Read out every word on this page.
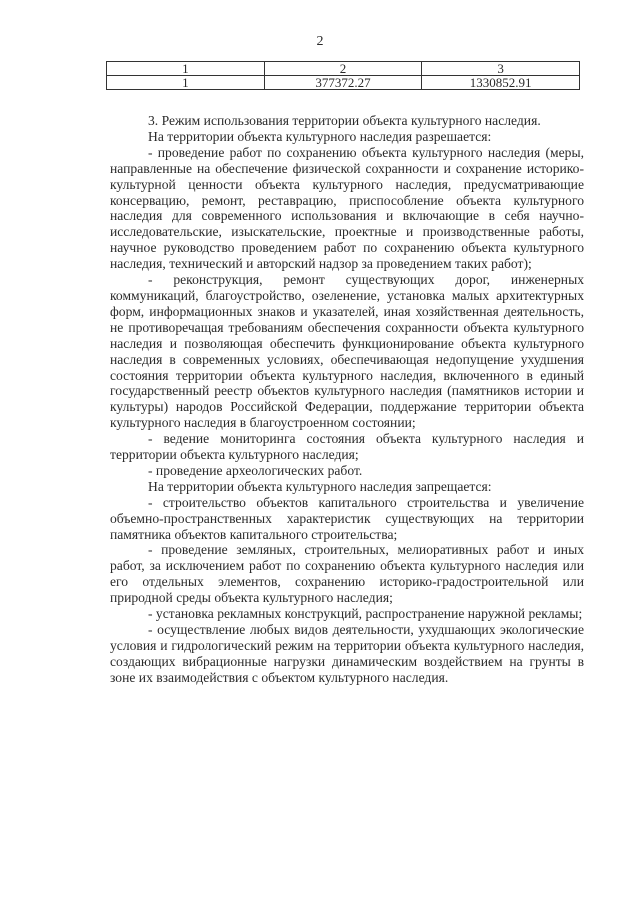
2
1	2	3
1	377372.27	1330852.91

3. Режим использования территории объекта культурного наследия.

На территории объекта культурного наследия разрешается:

- проведение работ по сохранению объекта культурного наследия (меры, направленные на обеспечение физической сохранности и сохранение историко-культурной ценности объекта культурного наследия, предусматривающие консервацию, ремонт, реставрацию, приспособление объекта культурного наследия для современного использования и включающие в себя научно-исследовательские, изыскательские, проектные и производственные работы, научное руководство проведением работ по сохранению объекта культурного наследия, технический и авторский надзор за проведением таких работ);

- реконструкция, ремонт существующих дорог, инженерных коммуникаций, благоустройство, озеленение, установка малых архитектурных форм, информационных знаков и указателей, иная хозяйственная деятельность, не противоречащая требованиям обеспечения сохранности объекта культурного наследия и позволяющая обеспечить функционирование объекта культурного наследия в современных условиях, обеспечивающая недопущение ухудшения состояния территории объекта культурного наследия, включенного в единый государственный реестр объектов культурного наследия (памятников истории и культуры) народов Российской Федерации, поддержание территории объекта культурного наследия в благоустроенном состоянии;

- ведение мониторинга состояния объекта культурного наследия и территории объекта культурного наследия;

- проведение археологических работ.

На территории объекта культурного наследия запрещается:

- строительство объектов капитального строительства и увеличение объемно-пространственных характеристик существующих на территории памятника объектов капитального строительства;

- проведение земляных, строительных, мелиоративных работ и иных работ, за исключением работ по сохранению объекта культурного наследия или его отдельных элементов, сохранению историко-градостроительной или природной среды объекта культурного наследия;

- установка рекламных конструкций, распространение наружной рекламы;

- осуществление любых видов деятельности, ухудшающих экологические условия и гидрологический режим на территории объекта культурного наследия, создающих вибрационные нагрузки динамическим воздействием на грунты в зоне их взаимодействия с объектом культурного наследия.
